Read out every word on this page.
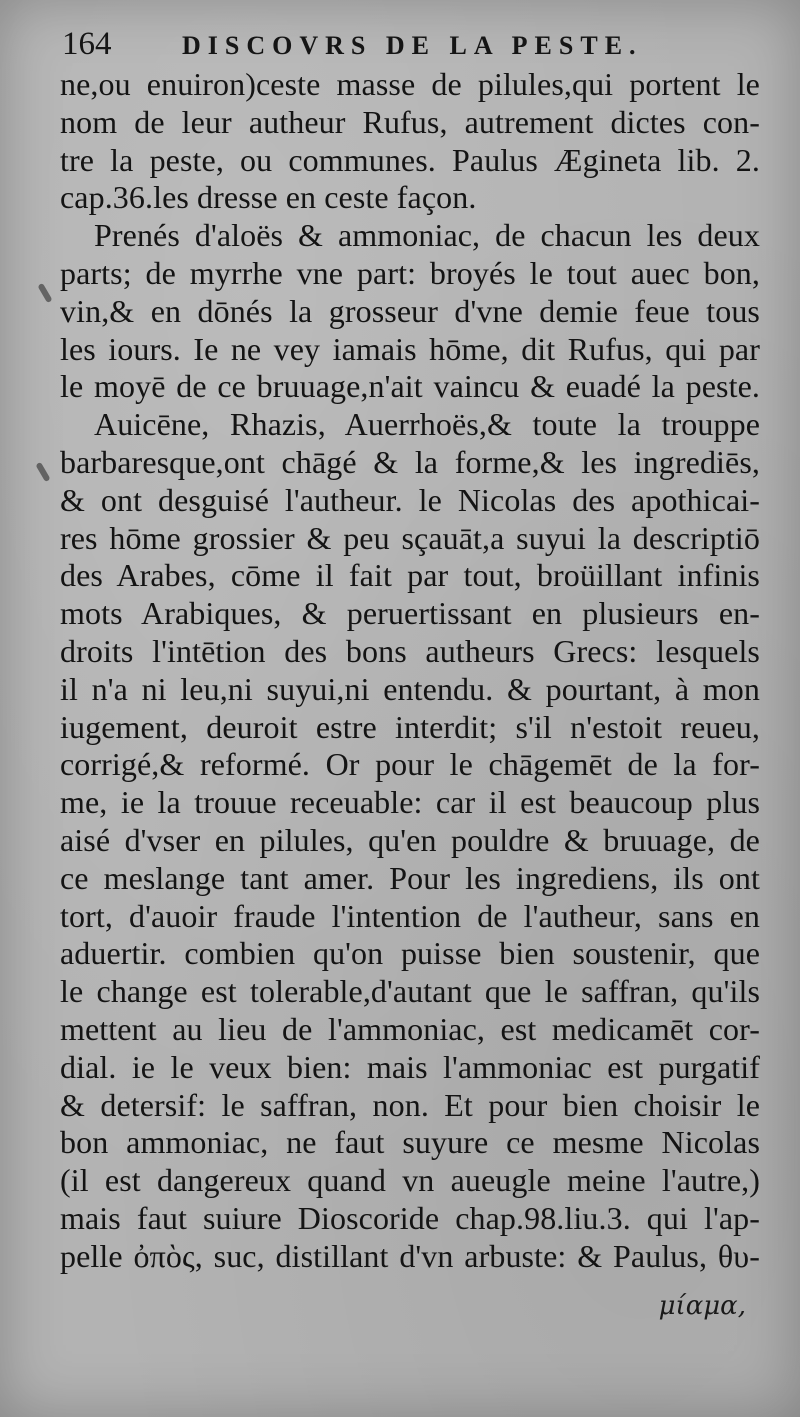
164	DISCOVRS DE LA PESTE.
ne,ou enuiron)ceste masse de pilules,qui portent le
nom de leur autheur Rufus, autrement dictes con-
tre la peste, ou communes. Paulus Ægineta lib. 2.
cap.36.les dresse en ceste façon.
Prenés d'aloës & ammoniac, de chacun les deux
parts; de myrrhe vne part: broyés le tout auec bon,
vin,& en dōnés la grosseur d'vne demie feue tous
les iours. Ie ne vey iamais hōme, dit Rufus, qui par
le moyē de ce bruuage,n'ait vaincu & euadé la peste.
Auicēne, Rhazis, Auerrhoës,& toute la trouppe
barbaresque,ont chāgé & la forme,& les ingrediēs,
& ont desguisé l'autheur. le Nicolas des apothicai-
res hōme grossier & peu sçauāt,a suyui la descriptiō
des Arabes, cōme il fait par tout, broüillant infinis
mots Arabiques, & peruertissant en plusieurs en-
droits l'intētion des bons autheurs Grecs: lesquels
il n'a ni leu,ni suyui,ni entendu. & pourtant, à mon
iugement, deuroit estre interdit; s'il n'estoit reueu,
corrigé,& reformé. Or pour le chāgemēt de la for-
me, ie la trouue receuable: car il est beaucoup plus
aisé d'vser en pilules, qu'en pouldre & bruuage, de
ce meslange tant amer. Pour les ingrediens, ils ont
tort, d'auoir fraude l'intention de l'autheur, sans en
aduertir. combien qu'on puisse bien soustenir, que
le change est tolerable,d'autant que le saffran, qu'ils
mettent au lieu de l'ammoniac, est medicamēt cor-
dial. ie le veux bien: mais l'ammoniac est purgatif
& detersif: le saffran, non. Et pour bien choisir le
bon ammoniac, ne faut suyure ce mesme Nicolas
(il est dangereux quand vn aueugle meine l'autre,)
mais faut suiure Dioscoride chap.98.liu.3. qui l'ap-
pelle ὀπὸς, suc, distillant d'vn arbuste: & Paulus, θυ-
μίαμα,
